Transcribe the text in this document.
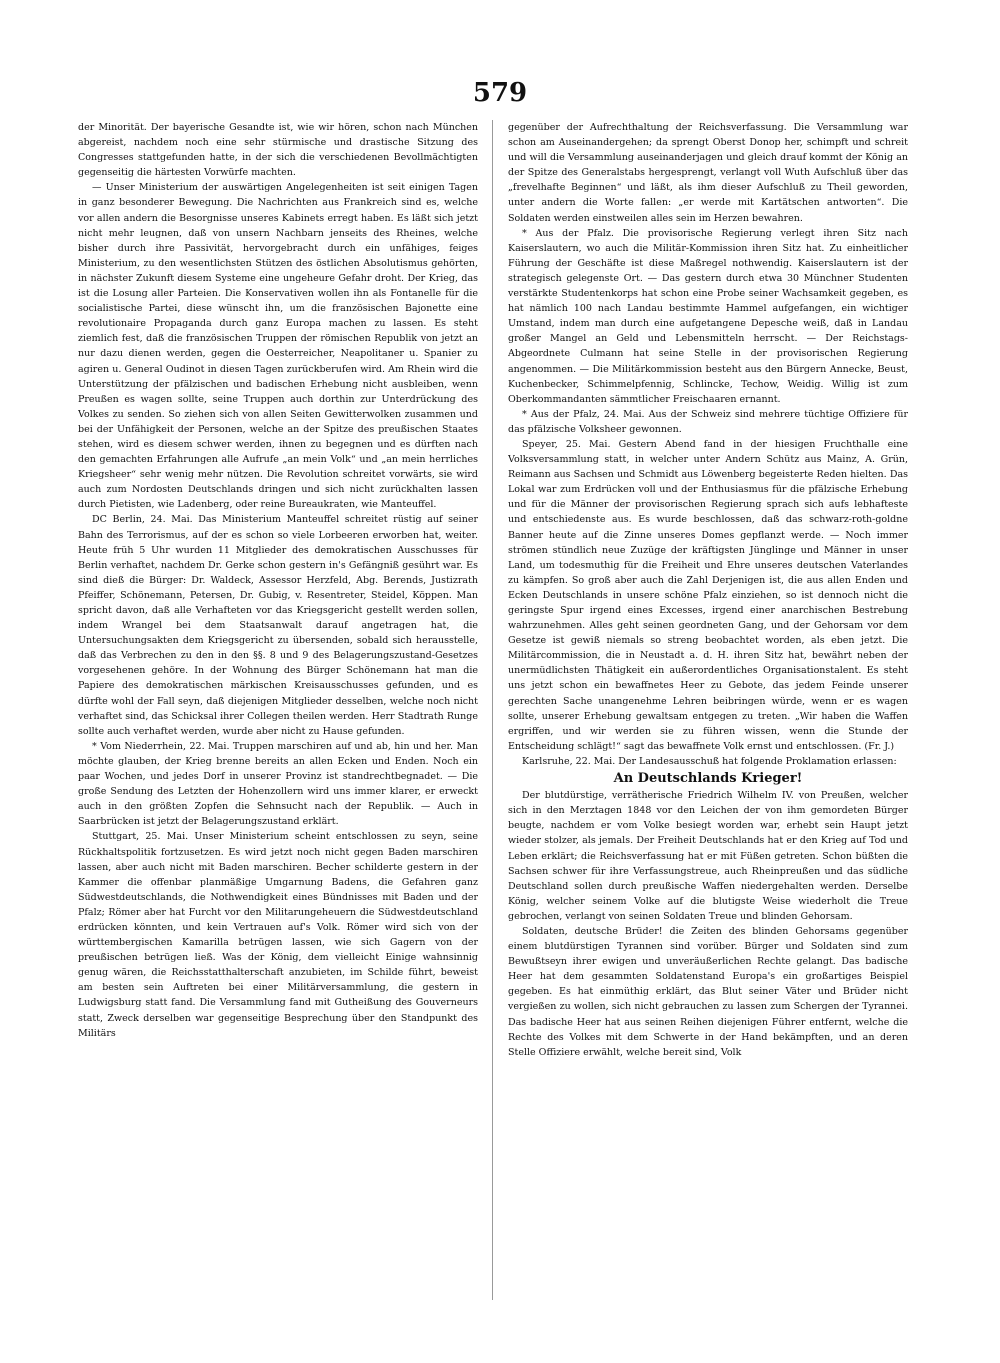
579

der Minorität. Der bayerische Gesandte ist, wie wir hören, schon nach München abgereist, nachdem noch eine sehr stürmische und drastische Sitzung des Congresses stattgefunden hatte, in der sich die verschiedenen Bevollmächtigten gegenseitig die härtesten Vorwürfe machten.

— Unser Ministerium der auswärtigen Angelegenheiten ist seit einigen Tagen in ganz besonderer Bewegung. Die Nachrichten aus Frankreich sind es, welche vor allen andern die Besorgnisse unseres Kabinets erregt haben. Es läßt sich jetzt nicht mehr leugnen, daß von unsern Nachbarn jenseits des Rheines, welche bisher durch ihre Passivität, hervorgebracht durch ein unfähiges, feiges Ministerium, zu den wesentlichsten Stützen des östlichen Absolutismus gehörten, in nächster Zukunft diesem Systeme eine ungeheure Gefahr droht. Der Krieg, das ist die Losung aller Parteien. Die Konservativen wollen ihn als Fontanelle für die socialistische Partei, diese wünscht ihn, um die französischen Bajonette eine revolutionaire Propaganda durch ganz Europa machen zu lassen. Es steht ziemlich fest, daß die französischen Truppen der römischen Republik von jetzt an nur dazu dienen werden, gegen die Oesterreicher, Neapolitaner u. Spanier zu agiren u. General Oudinot in diesen Tagen zurückberufen wird. Am Rhein wird die Unterstützung der pfälzischen und badischen Erhebung nicht ausbleiben, wenn Preußen es wagen sollte, seine Truppen auch dorthin zur Unterdrückung des Volkes zu senden. So ziehen sich von allen Seiten Gewitterwolken zusammen und bei der Unfähigkeit der Personen, welche an der Spitze des preußischen Staates stehen, wird es diesem schwer werden, ihnen zu begegnen und es dürften nach den gemachten Erfahrungen alle Aufrufe „an mein Volk“ und „an mein herrliches Kriegsheer“ sehr wenig mehr nützen. Die Revolution schreitet vorwärts, sie wird auch zum Nordosten Deutschlands dringen und sich nicht zurückhalten lassen durch Pietisten, wie Ladenberg, oder reine Bureaukraten, wie Manteuffel.

DC Berlin, 24. Mai. Das Ministerium Manteuffel schreitet rüstig auf seiner Bahn des Terrorismus, auf der es schon so viele Lorbeeren erworben hat, weiter. Heute früh 5 Uhr wurden 11 Mitglieder des demokratischen Ausschusses für Berlin verhaftet, nachdem Dr. Gerke schon gestern in's Gefängniß gesührt war. Es sind dieß die Bürger: Dr. Waldeck, Assessor Herzfeld, Abg. Berends, Justizrath Pfeiffer, Schönemann, Petersen, Dr. Gubig, v. Resentreter, Steidel, Köppen. Man spricht davon, daß alle Verhafteten vor das Kriegsgericht gestellt werden sollen, indem Wrangel bei dem Staatsanwalt darauf angetragen hat, die Untersuchungsakten dem Kriegsgericht zu übersenden, sobald sich herausstelle, daß das Verbrechen zu den in den §§. 8 und 9 des Belagerungszustand-Gesetzes vorgesehenen gehöre. In der Wohnung des Bürger Schönemann hat man die Papiere des demokratischen märkischen Kreisausschusses gefunden, und es dürfte wohl der Fall seyn, daß diejenigen Mitglieder desselben, welche noch nicht verhaftet sind, das Schicksal ihrer Collegen theilen werden. Herr Stadtrath Runge sollte auch verhaftet werden, wurde aber nicht zu Hause gefunden.

* Vom Niederrhein, 22. Mai. Truppen marschiren auf und ab, hin und her. Man möchte glauben, der Krieg brenne bereits an allen Ecken und Enden. Noch ein paar Wochen, und jedes Dorf in unserer Provinz ist standrechtbegnadet. — Die große Sendung des Letzten der Hohenzollern wird uns immer klarer, er erweckt auch in den größten Zopfen die Sehnsucht nach der Republik. — Auch in Saarbrücken ist jetzt der Belagerungszustand erklärt.

Stuttgart, 25. Mai. Unser Ministerium scheint entschlossen zu seyn, seine Rückhaltspolitik fortzusetzen. Es wird jetzt noch nicht gegen Baden marschiren lassen, aber auch nicht mit Baden marschiren. Becher schilderte gestern in der Kammer die offenbar planmäßige Umgarnung Badens, die Gefahren ganz Südwestdeutschlands, die Nothwendigkeit eines Bündnisses mit Baden und der Pfalz; Römer aber hat Furcht vor den Militarungeheuern die Südwestdeutschland erdrücken könnten, und kein Vertrauen auf's Volk. Römer wird sich von der württembergischen Kamarilla betrügen lassen, wie sich Gagern von der preußischen betrügen ließ. Was der König, dem vielleicht Einige wahnsinnig genug wären, die Reichsstatthalterschaft anzubieten, im Schilde führt, beweist am besten sein Auftreten bei einer Militärversammlung, die gestern in Ludwigsburg statt fand. Die Versammlung fand mit Gutheißung des Gouverneurs statt, Zweck derselben war gegenseitige Besprechung über den Standpunkt des Militärs

gegenüber der Aufrechthaltung der Reichsverfassung. Die Versammlung war schon am Auseinandergehen; da sprengt Oberst Donop her, schimpft und schreit und will die Versammlung auseinanderjagen und gleich drauf kommt der König an der Spitze des Generalstabs hergesprengt, verlangt voll Wuth Aufschluß über das „frevelhafte Beginnen“ und läßt, als ihm dieser Aufschluß zu Theil geworden, unter andern die Worte fallen: „er werde mit Kartätschen antworten“. Die Soldaten werden einstweilen alles sein im Herzen bewahren.

* Aus der Pfalz. Die provisorische Regierung verlegt ihren Sitz nach Kaiserslautern, wo auch die Militär-Kommission ihren Sitz hat. Zu einheitlicher Führung der Geschäfte ist diese Maßregel nothwendig. Kaiserslautern ist der strategisch gelegenste Ort. — Das gestern durch etwa 30 Münchner Studenten verstärkte Studentenkorps hat schon eine Probe seiner Wachsamkeit gegeben, es hat nämlich 100 nach Landau bestimmte Hammel aufgefangen, ein wichtiger Umstand, indem man durch eine aufgetangene Depesche weiß, daß in Landau großer Mangel an Geld und Lebensmitteln herrscht. — Der Reichstags-Abgeordnete Culmann hat seine Stelle in der provisorischen Regierung angenommen. — Die Militärkommission besteht aus den Bürgern Annecke, Beust, Kuchenbecker, Schimmelpfennig, Schlincke, Techow, Weidig. Willig ist zum Oberkommandanten sämmtlicher Freischaaren ernannt.

* Aus der Pfalz, 24. Mai. Aus der Schweiz sind mehrere tüchtige Offiziere für das pfälzische Volksheer gewonnen.

Speyer, 25. Mai. Gestern Abend fand in der hiesigen Fruchthalle eine Volksversammlung statt, in welcher unter Andern Schütz aus Mainz, A. Grün, Reimann aus Sachsen und Schmidt aus Löwenberg begeisterte Reden hielten. Das Lokal war zum Erdrücken voll und der Enthusiasmus für die pfälzische Erhebung und für die Männer der provisorischen Regierung sprach sich aufs lebhafteste und entschiedenste aus. Es wurde beschlossen, daß das schwarz-roth-goldne Banner heute auf die Zinne unseres Domes gepflanzt werde. — Noch immer strömen stündlich neue Zuzüge der kräftigsten Jünglinge und Männer in unser Land, um todesmuthig für die Freiheit und Ehre unseres deutschen Vaterlandes zu kämpfen. So groß aber auch die Zahl Derjenigen ist, die aus allen Enden und Ecken Deutschlands in unsere schöne Pfalz einziehen, so ist dennoch nicht die geringste Spur irgend eines Excesses, irgend einer anarchischen Bestrebung wahrzunehmen. Alles geht seinen geordneten Gang, und der Gehorsam vor dem Gesetze ist gewiß niemals so streng beobachtet worden, als eben jetzt. Die Militärcommission, die in Neustadt a. d. H. ihren Sitz hat, bewährt neben der unermüdlichsten Thätigkeit ein außerordentliches Organisationstalent. Es steht uns jetzt schon ein bewaffnetes Heer zu Gebote, das jedem Feinde unserer gerechten Sache unangenehme Lehren beibringen würde, wenn er es wagen sollte, unserer Erhebung gewaltsam entgegen zu treten. „Wir haben die Waffen ergriffen, und wir werden sie zu führen wissen, wenn die Stunde der Entscheidung schlägt!“ sagt das bewaffnete Volk ernst und entschlossen. (Fr. J.)

Karlsruhe, 22. Mai. Der Landesausschuß hat folgende Proklamation erlassen:

An Deutschlands Krieger!

Der blutdürstige, verrätherische Friedrich Wilhelm IV. von Preußen, welcher sich in den Merztagen 1848 vor den Leichen der von ihm gemordeten Bürger beugte, nachdem er vom Volke besiegt worden war, erhebt sein Haupt jetzt wieder stolzer, als jemals. Der Freiheit Deutschlands hat er den Krieg auf Tod und Leben erklärt; die Reichsverfassung hat er mit Füßen getreten. Schon büßten die Sachsen schwer für ihre Verfassungstreue, auch Rheinpreußen und das südliche Deutschland sollen durch preußische Waffen niedergehalten werden. Derselbe König, welcher seinem Volke auf die blutigste Weise wiederholt die Treue gebrochen, verlangt von seinen Soldaten Treue und blinden Gehorsam.

Soldaten, deutsche Brüder! die Zeiten des blinden Gehorsams gegenüber einem blutdürstigen Tyrannen sind vorüber. Bürger und Soldaten sind zum Bewußtseyn ihrer ewigen und unveräußerlichen Rechte gelangt. Das badische Heer hat dem gesammten Soldatenstand Europa's ein großartiges Beispiel gegeben. Es hat einmüthig erklärt, das Blut seiner Väter und Brüder nicht vergießen zu wollen, sich nicht gebrauchen zu lassen zum Schergen der Tyrannei. Das badische Heer hat aus seinen Reihen diejenigen Führer entfernt, welche die Rechte des Volkes mit dem Schwerte in der Hand bekämpften, und an deren Stelle Offiziere erwählt, welche bereit sind, Volk
